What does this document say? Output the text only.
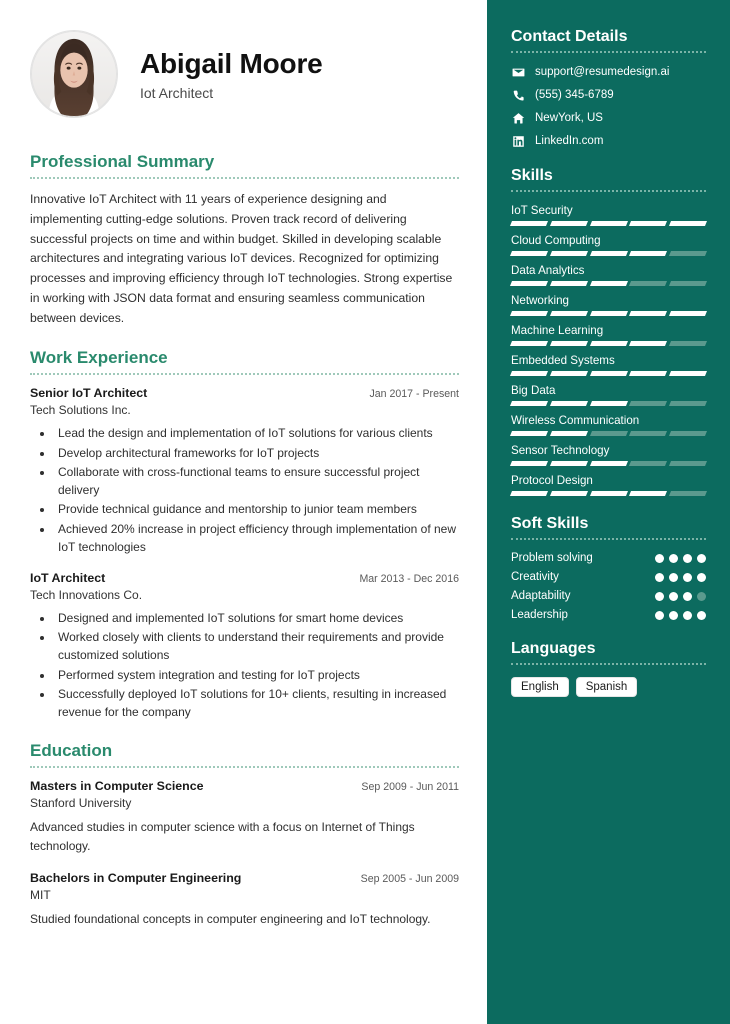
Abigail Moore
Iot Architect
Professional Summary
Innovative IoT Architect with 11 years of experience designing and implementing cutting-edge solutions. Proven track record of delivering successful projects on time and within budget. Skilled in developing scalable architectures and integrating various IoT devices. Recognized for optimizing processes and improving efficiency through IoT technologies. Strong expertise in working with JSON data format and ensuring seamless communication between devices.
Work Experience
Senior IoT Architect	Jan 2017 - Present
Tech Solutions Inc.
• Lead the design and implementation of IoT solutions for various clients
• Develop architectural frameworks for IoT projects
• Collaborate with cross-functional teams to ensure successful project delivery
• Provide technical guidance and mentorship to junior team members
• Achieved 20% increase in project efficiency through implementation of new IoT technologies
IoT Architect	Mar 2013 - Dec 2016
Tech Innovations Co.
• Designed and implemented IoT solutions for smart home devices
• Worked closely with clients to understand their requirements and provide customized solutions
• Performed system integration and testing for IoT projects
• Successfully deployed IoT solutions for 10+ clients, resulting in increased revenue for the company
Education
Masters in Computer Science	Sep 2009 - Jun 2011
Stanford University
Advanced studies in computer science with a focus on Internet of Things technology.
Bachelors in Computer Engineering	Sep 2005 - Jun 2009
MIT
Studied foundational concepts in computer engineering and IoT technology.
Contact Details
support@resumedesign.ai
(555) 345-6789
NewYork, US
LinkedIn.com
Skills
IoT Security
Cloud Computing
Data Analytics
Networking
Machine Learning
Embedded Systems
Big Data
Wireless Communication
Sensor Technology
Protocol Design
Soft Skills
Problem solving
Creativity
Adaptability
Leadership
Languages
English	Spanish
